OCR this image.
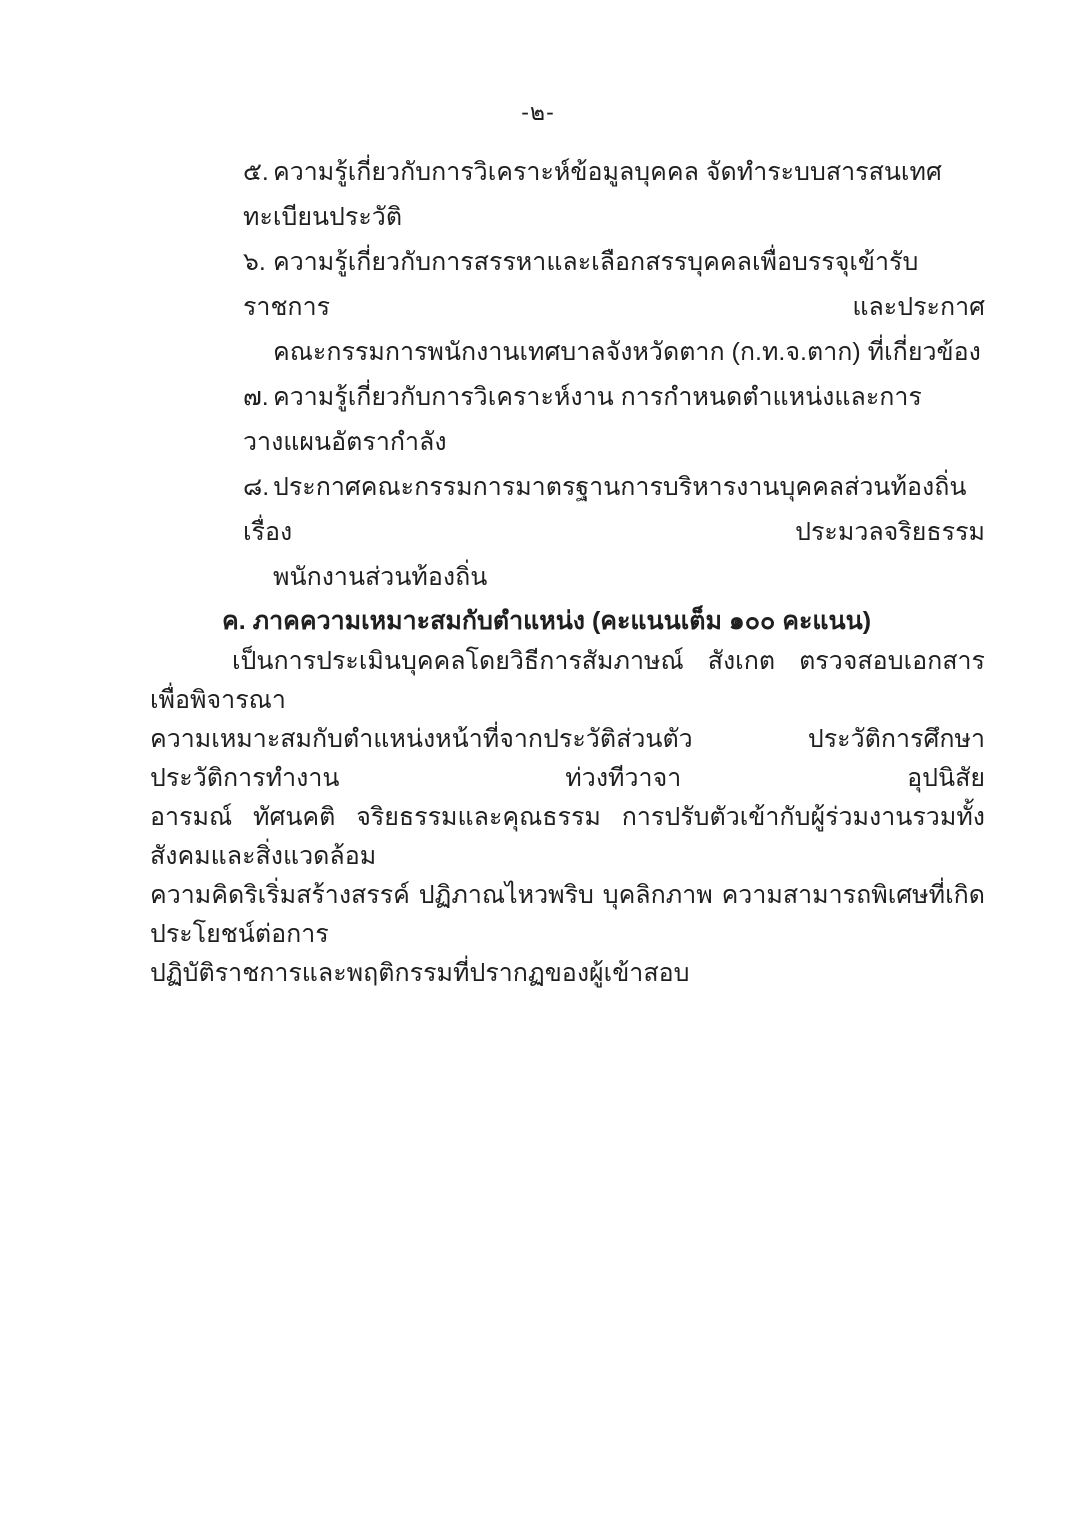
-๒-
๕. ความรู้เกี่ยวกับการวิเคราะห์ข้อมูลบุคคล จัดทำระบบสารสนเทศ ทะเบียนประวัติ
๖. ความรู้เกี่ยวกับการสรรหาและเลือกสรรบุคคลเพื่อบรรจุเข้ารับราชการ และประกาศ
คณะกรรมการพนักงานเทศบาลจังหวัดตาก (ก.ท.จ.ตาก) ที่เกี่ยวข้อง
๗. ความรู้เกี่ยวกับการวิเคราะห์งาน การกำหนดตำแหน่งและการวางแผนอัตรากำลัง
๘. ประกาศคณะกรรมการมาตรฐานการบริหารงานบุคคลส่วนท้องถิ่น เรื่อง ประมวลจริยธรรม
พนักงานส่วนท้องถิ่น
ค. ภาคความเหมาะสมกับตำแหน่ง (คะแนนเต็ม ๑๐๐ คะแนน)
เป็นการประเมินบุคคลโดยวิธีการสัมภาษณ์ สังเกต ตรวจสอบเอกสาร เพื่อพิจารณา
ความเหมาะสมกับตำแหน่งหน้าที่จากประวัติส่วนตัว ประวัติการศึกษา ประวัติการทำงาน ท่วงทีวาจา อุปนิสัย
อารมณ์ ทัศนคติ จริยธรรมและคุณธรรม การปรับตัวเข้ากับผู้ร่วมงานรวมทั้งสังคมและสิ่งแวดล้อม
ความคิดริเริ่มสร้างสรรค์ ปฏิภาณไหวพริบ บุคลิกภาพ ความสามารถพิเศษที่เกิดประโยชน์ต่อการ
ปฏิบัติราชการและพฤติกรรมที่ปรากฏของผู้เข้าสอบ
